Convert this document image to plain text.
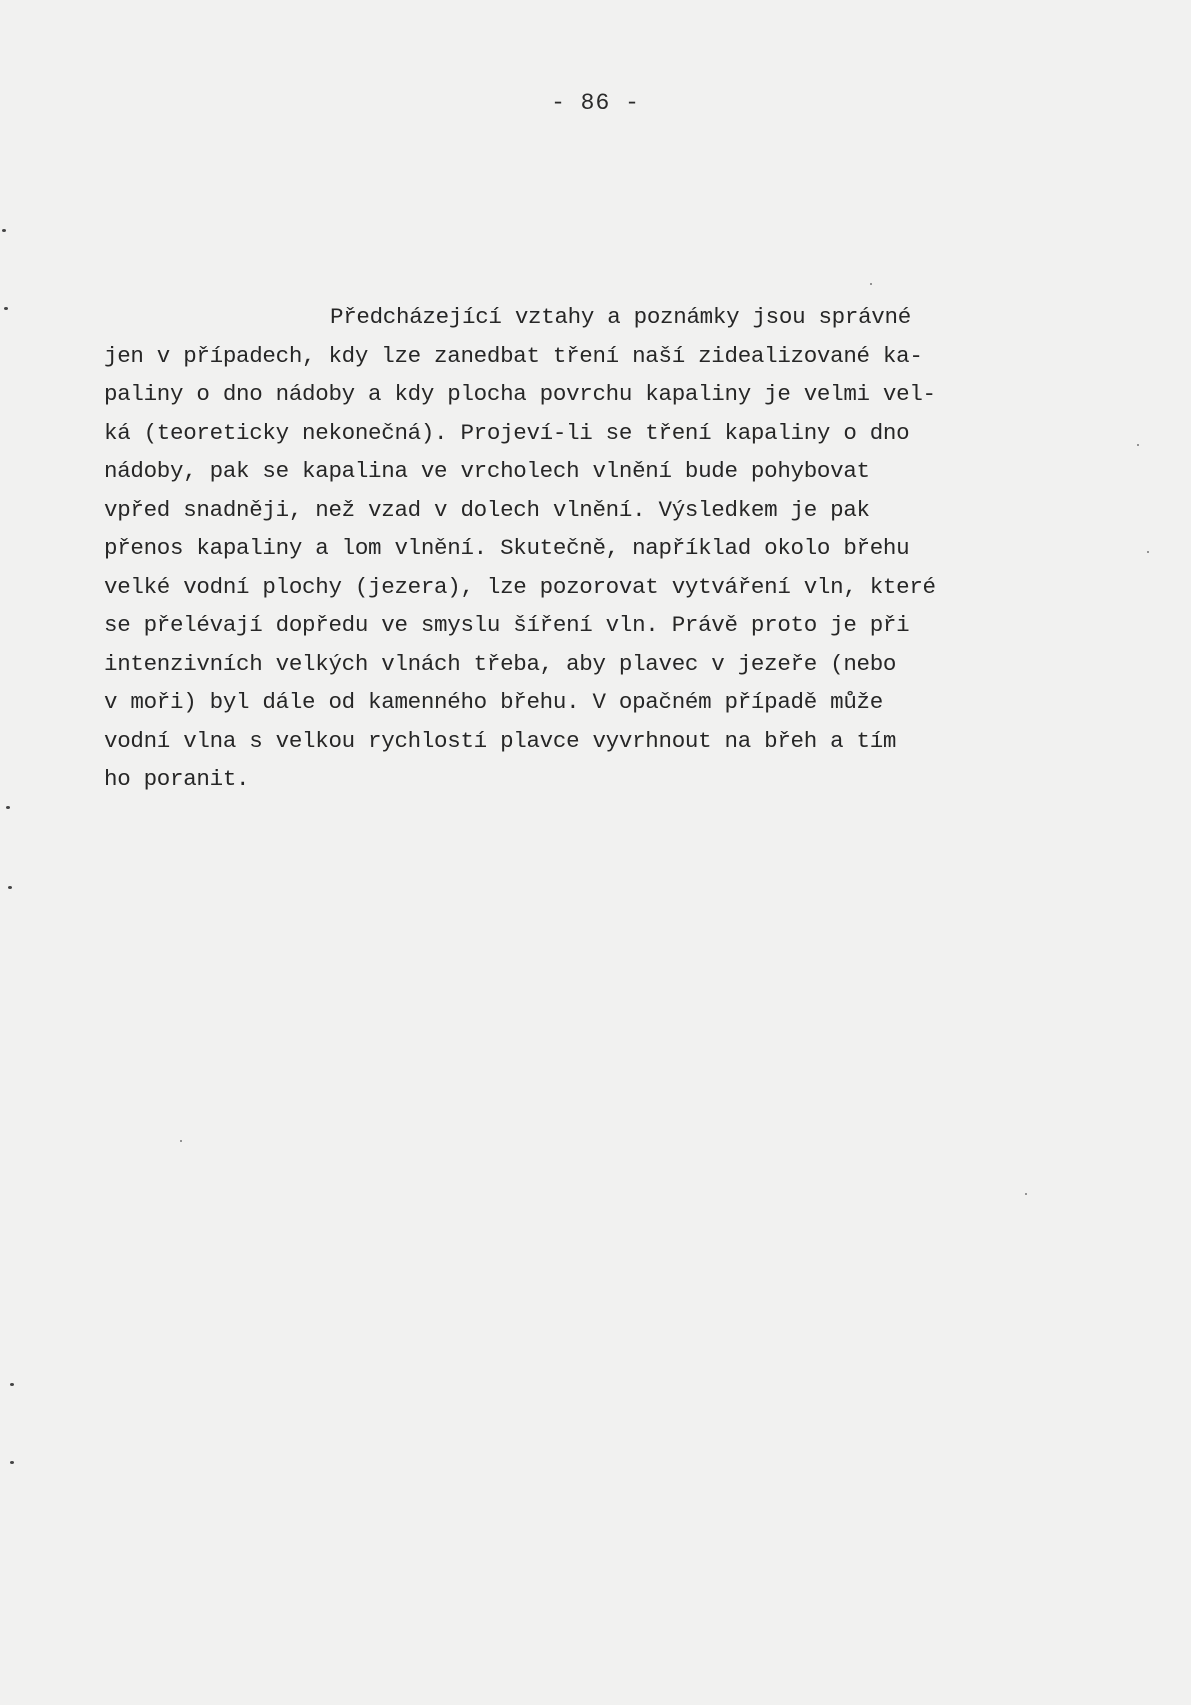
- 86 -
Předcházející vztahy a poznámky jsou správné
jen v případech, kdy lze zanedbat tření naší zidealizované ka-
paliny o dno nádoby a kdy plocha povrchu kapaliny je velmi vel-
ká (teoreticky nekonečná). Projeví-li se tření kapaliny o dno
nádoby, pak se kapalina ve vrcholech vlnění bude pohybovat
vpřed snadněji, než vzad v dolech vlnění. Výsledkem je pak
přenos kapaliny a lom vlnění. Skutečně, například okolo břehu
velké vodní plochy (jezera), lze pozorovat vytváření vln, které
se přelévají dopředu ve smyslu šíření vln. Právě proto je při
intenzivních velkých vlnách třeba, aby plavec v jezeře (nebo
v moři) byl dále od kamenného břehu. V opačném případě může
vodní vlna s velkou rychlostí plavce vyvrhnout na břeh a tím
ho poranit.
